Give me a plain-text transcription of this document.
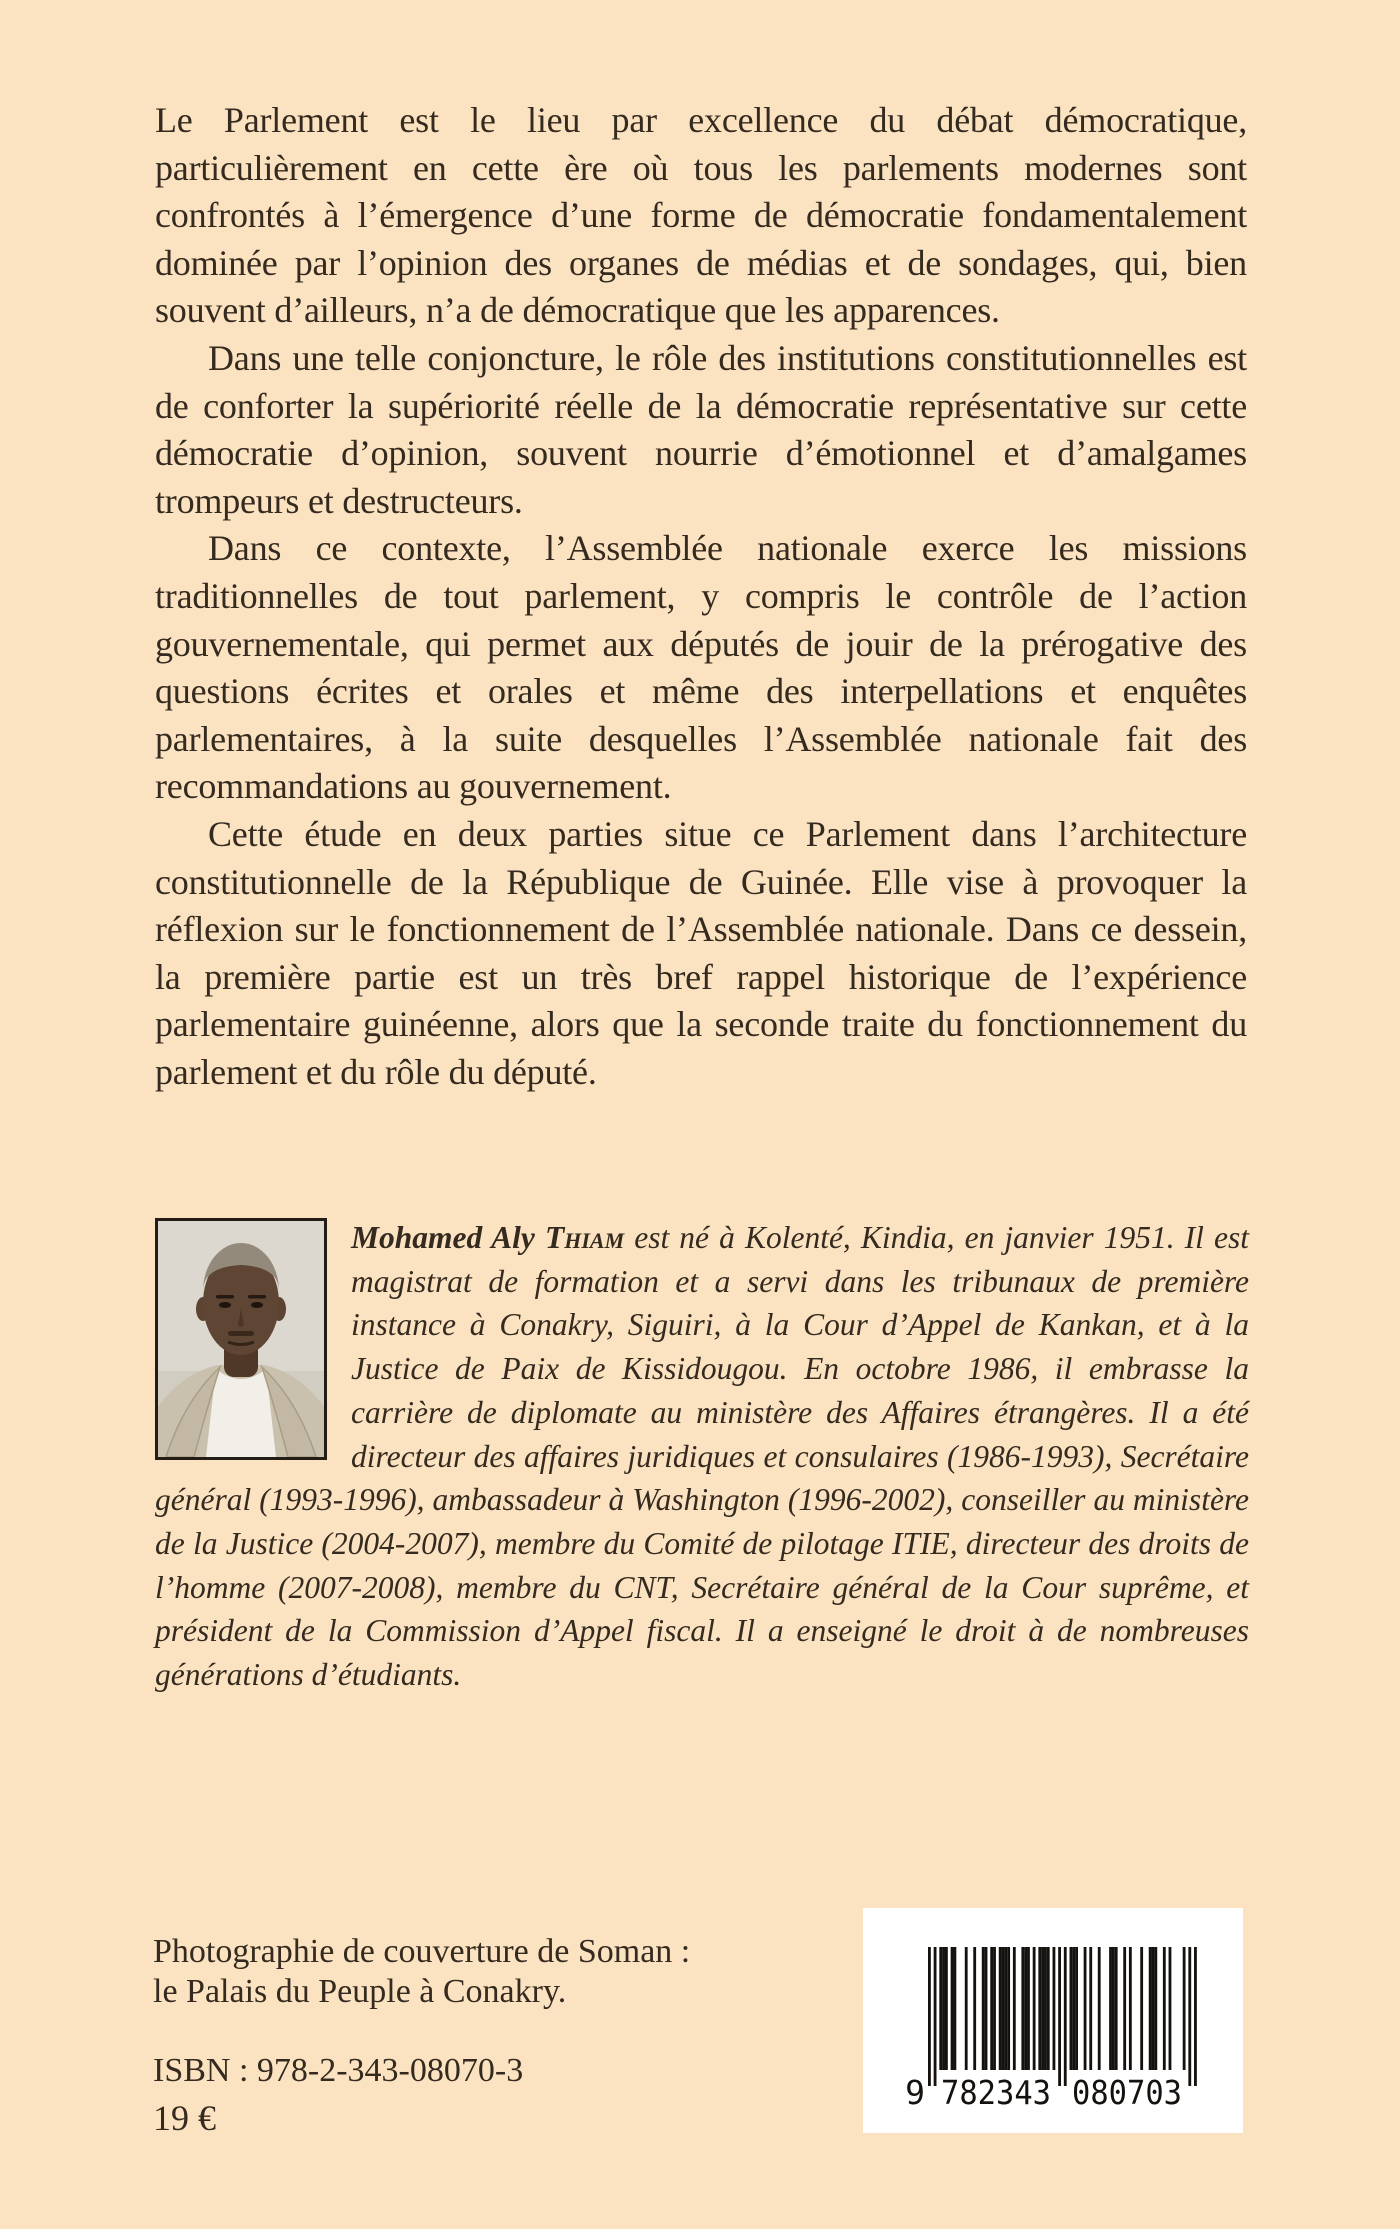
Le Parlement est le lieu par excellence du débat démocratique, particulièrement en cette ère où tous les parlements modernes sont confrontés à l’émergence d’une forme de démocratie fondamentalement dominée par l’opinion des organes de médias et de sondages, qui, bien souvent d’ailleurs, n’a de démocratique que les apparences.

Dans une telle conjoncture, le rôle des institutions constitutionnelles est de conforter la supériorité réelle de la démocratie représentative sur cette démocratie d’opinion, souvent nourrie d’émotionnel et d’amalgames trompeurs et destructeurs.

Dans ce contexte, l’Assemblée nationale exerce les missions traditionnelles de tout parlement, y compris le contrôle de l’action gouvernementale, qui permet aux députés de jouir de la prérogative des questions écrites et orales et même des interpellations et enquêtes parlementaires, à la suite desquelles l’Assemblée nationale fait des recommandations au gouvernement.

Cette étude en deux parties situe ce Parlement dans l’architecture constitutionnelle de la République de Guinée. Elle vise à provoquer la réflexion sur le fonctionnement de l’Assemblée nationale. Dans ce dessein, la première partie est un très bref rappel historique de l’expérience parlementaire guinéenne, alors que la seconde traite du fonctionnement du parlement et du rôle du député.

Mohamed Aly Thiam est né à Kolenté, Kindia, en janvier 1951. Il est magistrat de formation et a servi dans les tribunaux de première instance à Conakry, Siguiri, à la Cour d’Appel de Kankan, et à la Justice de Paix de Kissidougou. En octobre 1986, il embrasse la carrière de diplomate au ministère des Affaires étrangères. Il a été directeur des affaires juridiques et consulaires (1986-1993), Secrétaire général (1993-1996), ambassadeur à Washington (1996-2002), conseiller au ministère de la Justice (2004-2007), membre du Comité de pilotage ITIE, directeur des droits de l’homme (2007-2008), membre du CNT, Secrétaire général de la Cour suprême, et président de la Commission d’Appel fiscal. Il a enseigné le droit à de nombreuses générations d’étudiants.
Photographie de couverture de Soman :
le Palais du Peuple à Conakry.
ISBN : 978-2-343-08070-3
19 €
9 782343 080703
